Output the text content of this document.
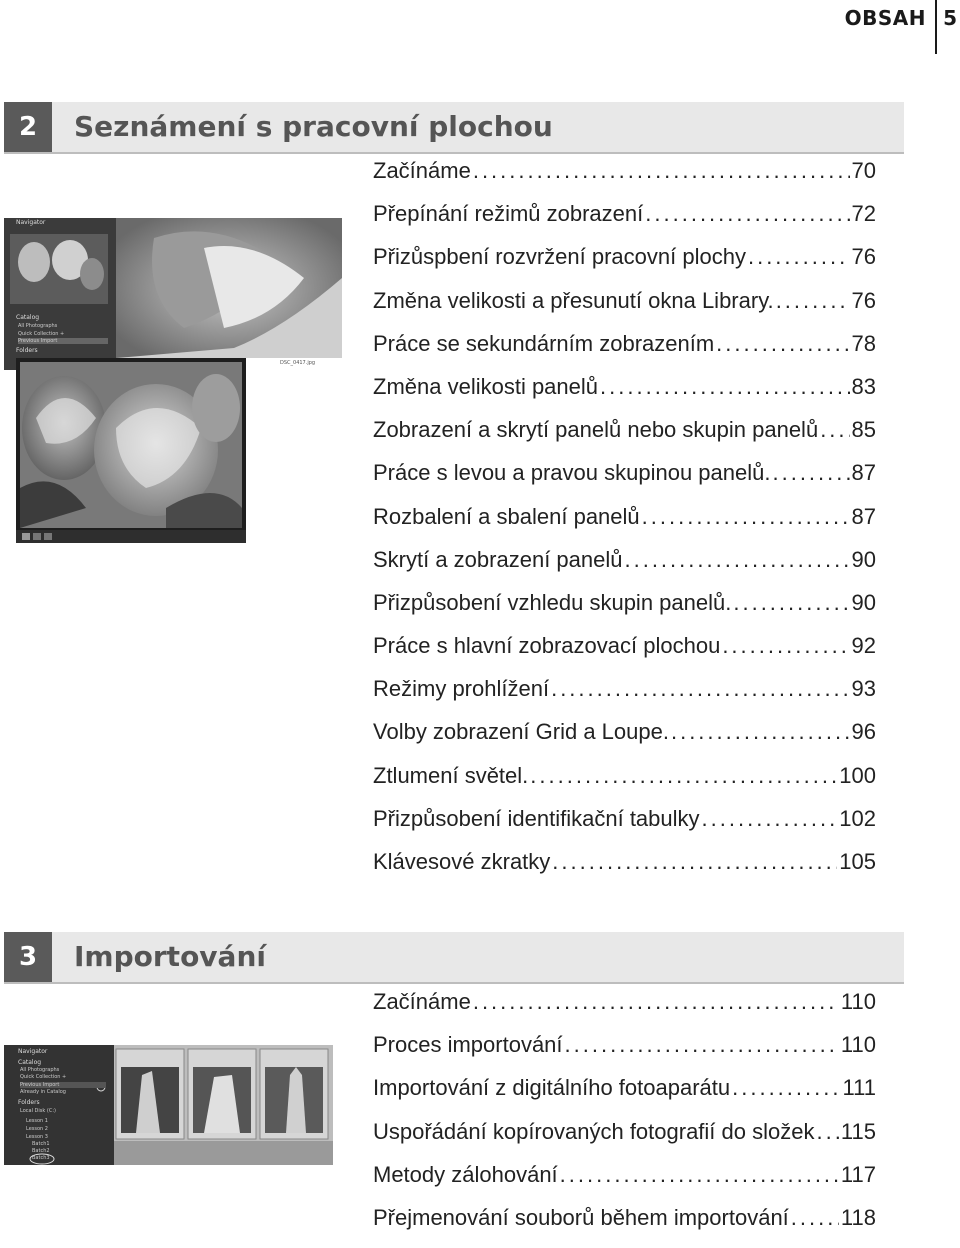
OBSAH 5
2	Seznámení s pracovní plochou
Začínáme .....	70
Přepínání režimů zobrazení .....	72
Přizůspbení rozvržení pracovní plochy .....	76
Změna velikosti a přesunutí okna Library. .....	76
Práce se sekundárním zobrazením .....	78
Změna velikosti panelů .....	83
Zobrazení a skrytí panelů nebo skupin panelů ..... 85
Práce s levou a pravou skupinou panelů. .....	87
Rozbalení a sbalení panelů .....	87
Skrytí a zobrazení panelů .....	90
Přizpůsobení vzhledu skupin panelů. .....	90
Práce s hlavní zobrazovací plochou .....	92
Režimy prohlížení .....	93
Volby zobrazení Grid a Loupe. .....	96
Ztlumení světel. .....	100
Přizpůsobení identifikační tabulky .....	102
Klávesové zkratky .....	105
Navigator
Catalog
All Photographs
Quick Collection +
Previous Import
Folders
DSC_0417.jpg
3	Importování
Začínáme .....	110
Proces importování .....	110
Importování z digitálního fotoaparátu .....	111
Uspořádání kopírovaných fotografií do složek ..... 115
Metody zálohování .....	117
Přejmenování souborů během importování ..... 118
Navigator
Catalog
All Photographs
Quick Collection +
Previous Import
Already in Catalog
Folders
Local Disk (C:)
Lesson 1
Lesson 2
Lesson 3
Batch1
Batch2
Batch3
